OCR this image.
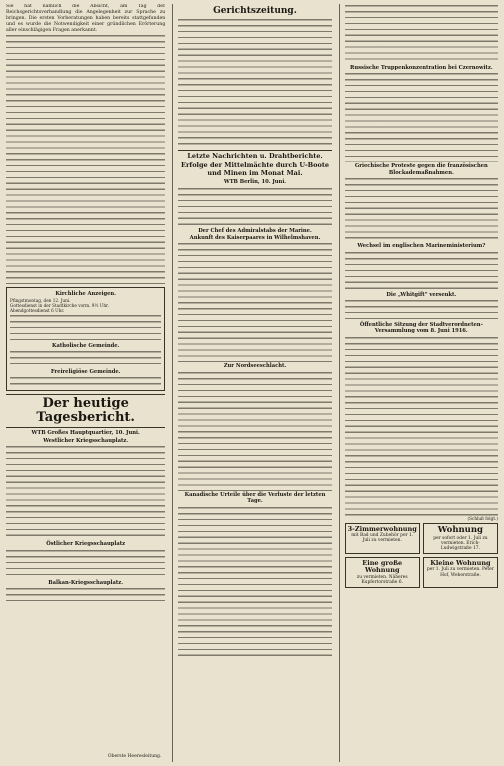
Sie hat nämlich die Absicht, am Tag der Reichsgerichtsverhandlung die Angelegenheit zur Sprache zu bringen. Die ersten Vorberatungen haben bereits stattgefunden und es wurde die Notwendigkeit einer gründlichen Erörterung aller einschlägigen Fragen anerkannt.
Kirchliche Anzeigen.
Pfingstmontag, den 12. Juni.
Gottesdienst in der Stadtkirche vorm. 9½ Uhr.
Abendgottesdienst 6 Uhr.
Katholische Gemeinde.
Freireligiöse Gemeinde.
Der heutige Tagesbericht.
WTB Großes Hauptquartier, 10. Juni.
Westlicher Kriegsschauplatz.
Östlicher Kriegsschauplatz
Balkan-Kriegsschauplatz.
Oberste Heeresleitung.
Gerichtszeitung.
Letzte Nachrichten u. Drahtberichte.
Erfolge der Mittelmächte durch U-Boote und Minen im Monat Mai.
WTB Berlin, 10. Juni.
Der Chef des Admiralstabs der Marine.
Ankunft des Kaiserpaares in Wilhelmshaven.
Zur Nordseeschlacht.
Kanadische Urteile über die Verluste der letzten Tage.
Russische Truppenkonzentration bei Czernowitz.
Griechische Proteste gegen die französischen Blockademaßnahmen.
Wechsel im englischen Marineministerium?
Die „Whitgift“ versenkt.
Öffentliche Sitzung der Stadtverordneten-Versammlung vom 8. Juni 1916.
(Schluß folgt.)
3-Zimmerwohnung
mit Bad und Zubehör per 1. Juli zu vermieten.
Wohnung
per sofort oder 1. Juli zu vermieten. Erich-Ludwigstraße 17.
Eine große Wohnung
zu vermieten. Näheres Kupfertorstraße 6.
Kleine Wohnung
per 1. Juli zu vermieten. Peter Hof, Weberstraße.
